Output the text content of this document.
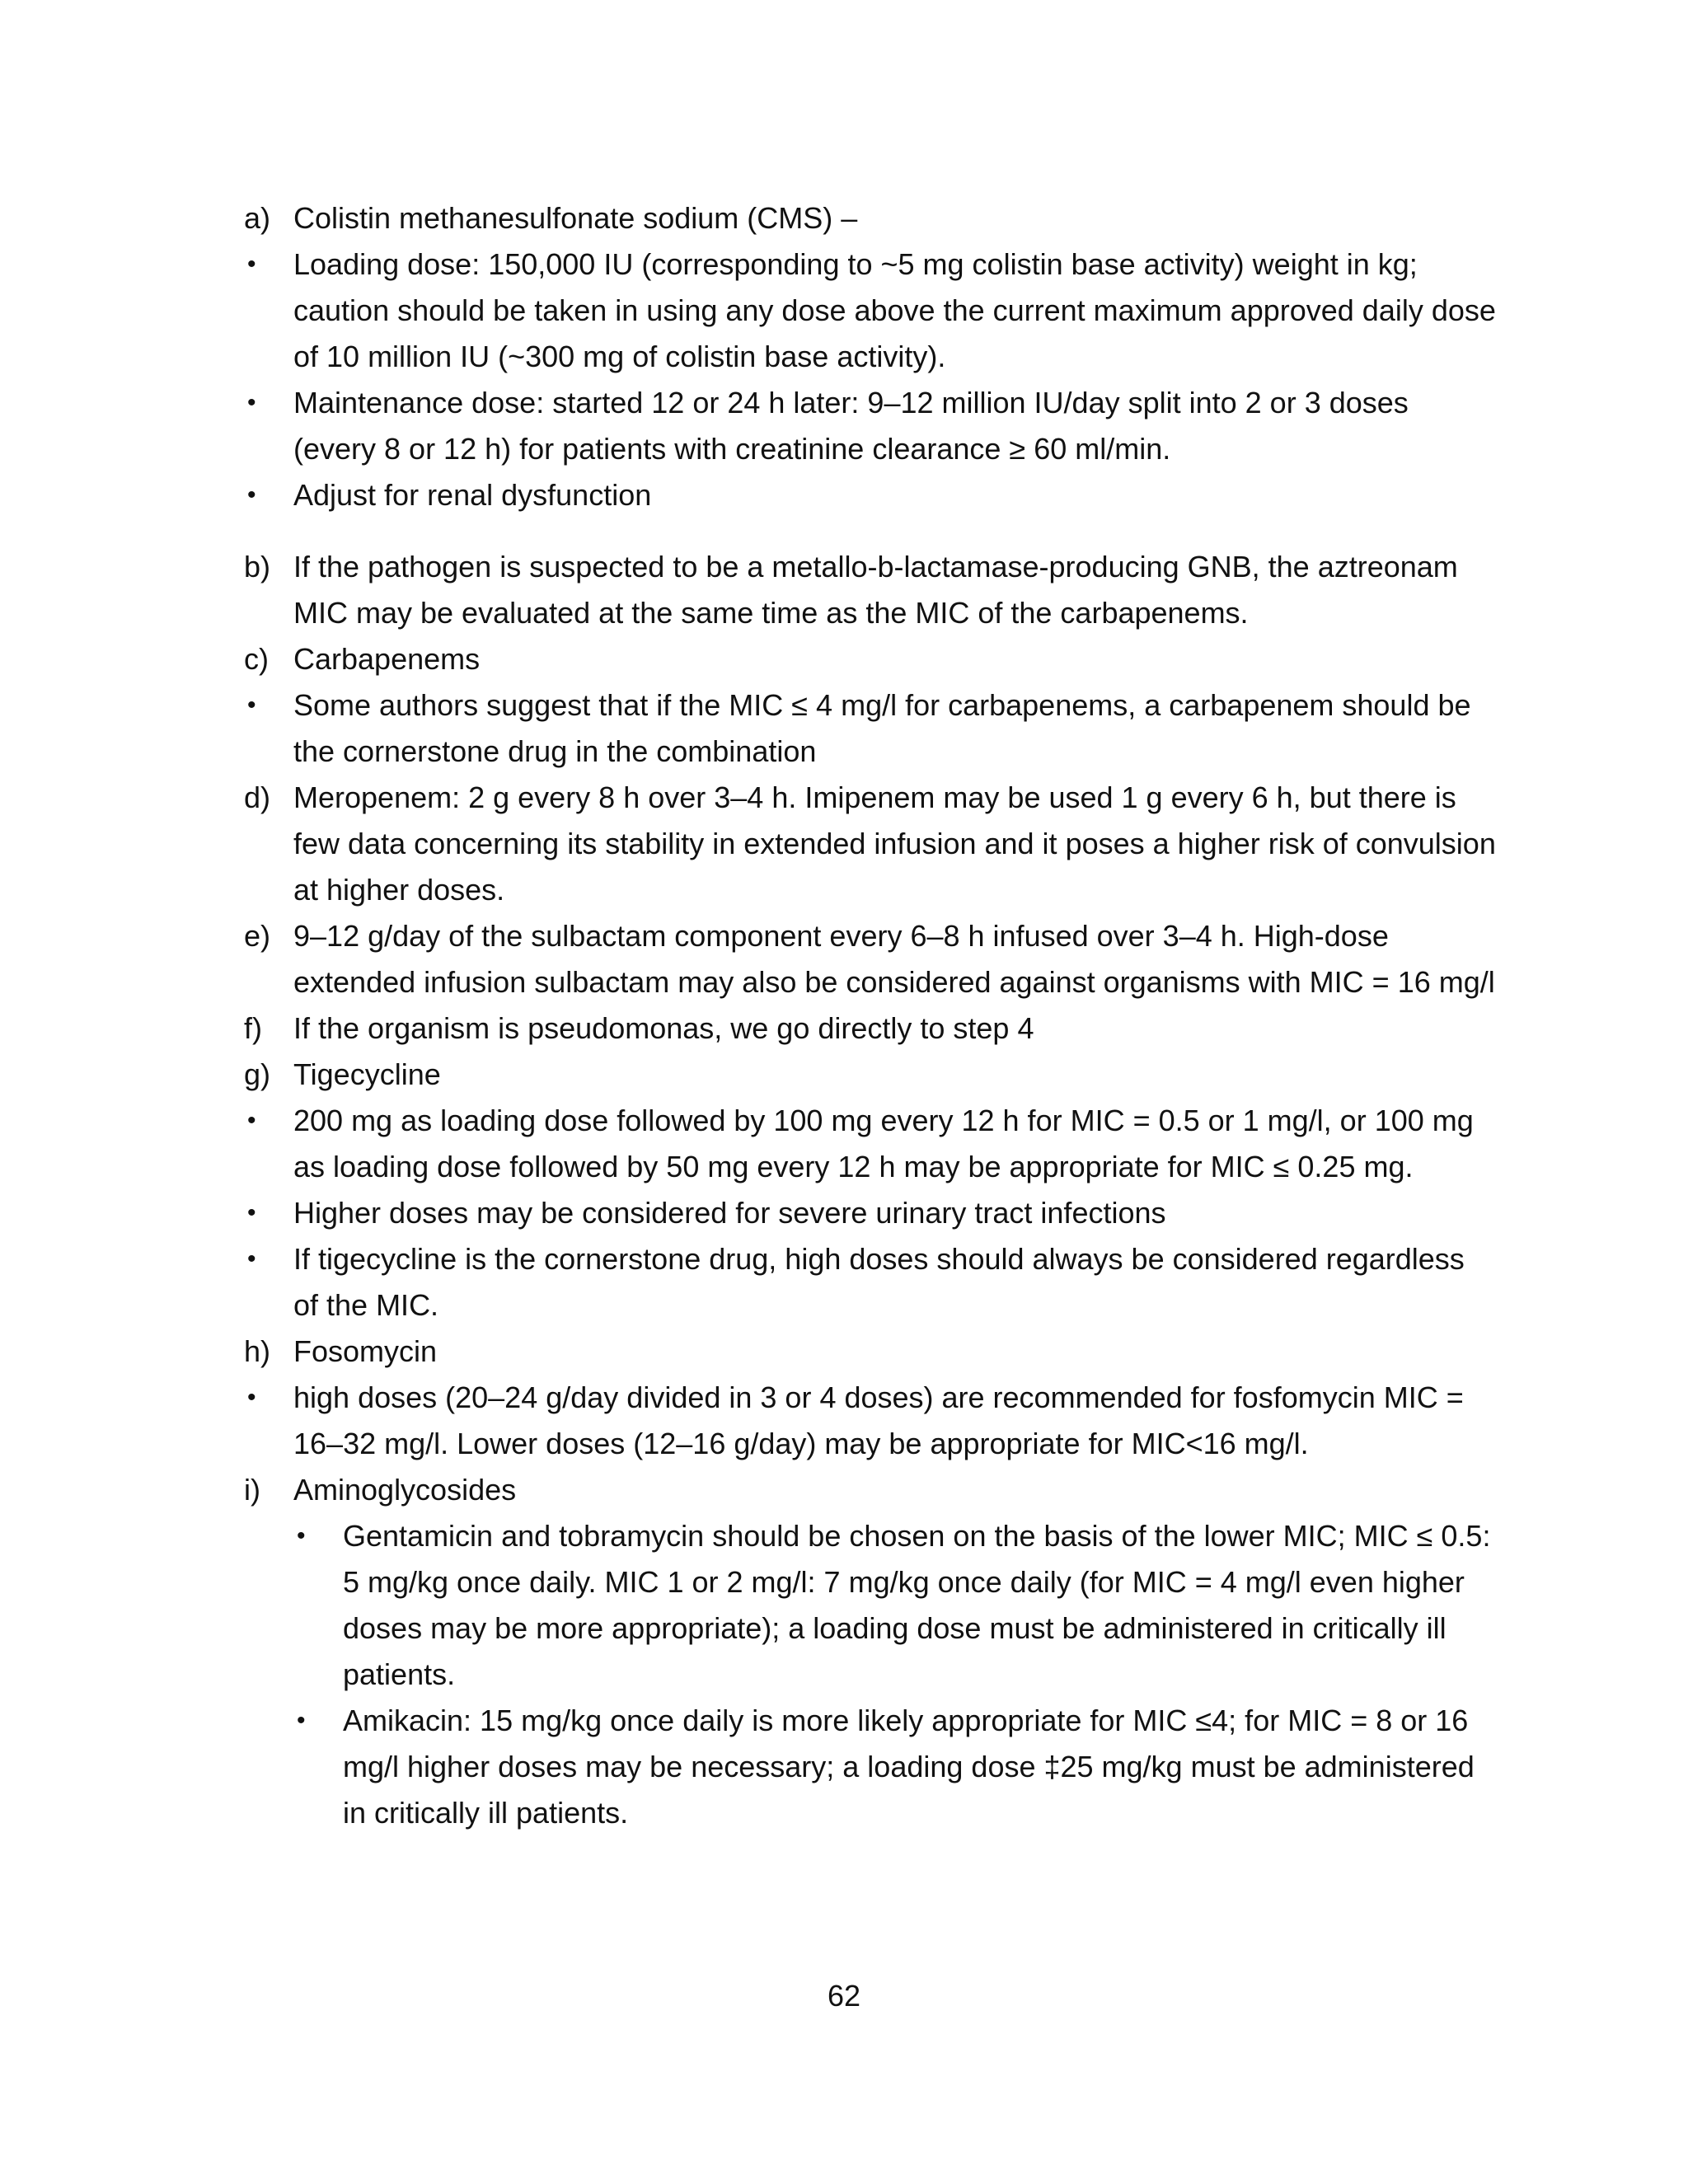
a) Colistin methanesulfonate sodium (CMS) –
• Loading dose: 150,000 IU (corresponding to ~5 mg colistin base activity) weight in kg; caution should be taken in using any dose above the current maximum approved daily dose of 10 million IU (~300 mg of colistin base activity).
• Maintenance dose: started 12 or 24 h later: 9–12 million IU/day split into 2 or 3 doses (every 8 or 12 h) for patients with creatinine clearance ≥ 60 ml/min.
• Adjust for renal dysfunction
b) If the pathogen is suspected to be a metallo-b-lactamase-producing GNB, the aztreonam MIC may be evaluated at the same time as the MIC of the carbapenems.
c) Carbapenems
• Some authors suggest that if the MIC ≤ 4 mg/l for carbapenems, a carbapenem should be the cornerstone drug in the combination
d) Meropenem: 2 g every 8 h over 3–4 h. Imipenem may be used 1 g every 6 h, but there is few data concerning its stability in extended infusion and it poses a higher risk of convulsion at higher doses.
e) 9–12 g/day of the sulbactam component every 6–8 h infused over 3–4 h. High-dose extended infusion sulbactam may also be considered against organisms with MIC = 16 mg/l
f) If the organism is pseudomonas, we go directly to step 4
g) Tigecycline
• 200 mg as loading dose followed by 100 mg every 12 h for MIC = 0.5 or 1 mg/l, or 100 mg as loading dose followed by 50 mg every 12 h may be appropriate for MIC ≤ 0.25 mg.
• Higher doses may be considered for severe urinary tract infections
• If tigecycline is the cornerstone drug, high doses should always be considered regardless of the MIC.
h) Fosomycin
• high doses (20–24 g/day divided in 3 or 4 doses) are recommended for fosfomycin MIC = 16–32 mg/l. Lower doses (12–16 g/day) may be appropriate for MIC<16 mg/l.
i) Aminoglycosides
• Gentamicin and tobramycin should be chosen on the basis of the lower MIC; MIC ≤ 0.5: 5 mg/kg once daily. MIC 1 or 2 mg/l: 7 mg/kg once daily (for MIC = 4 mg/l even higher doses may be more appropriate); a loading dose must be administered in critically ill patients.
• Amikacin: 15 mg/kg once daily is more likely appropriate for MIC ≤4; for MIC = 8 or 16 mg/l higher doses may be necessary; a loading dose ‡25 mg/kg must be administered in critically ill patients.
62
